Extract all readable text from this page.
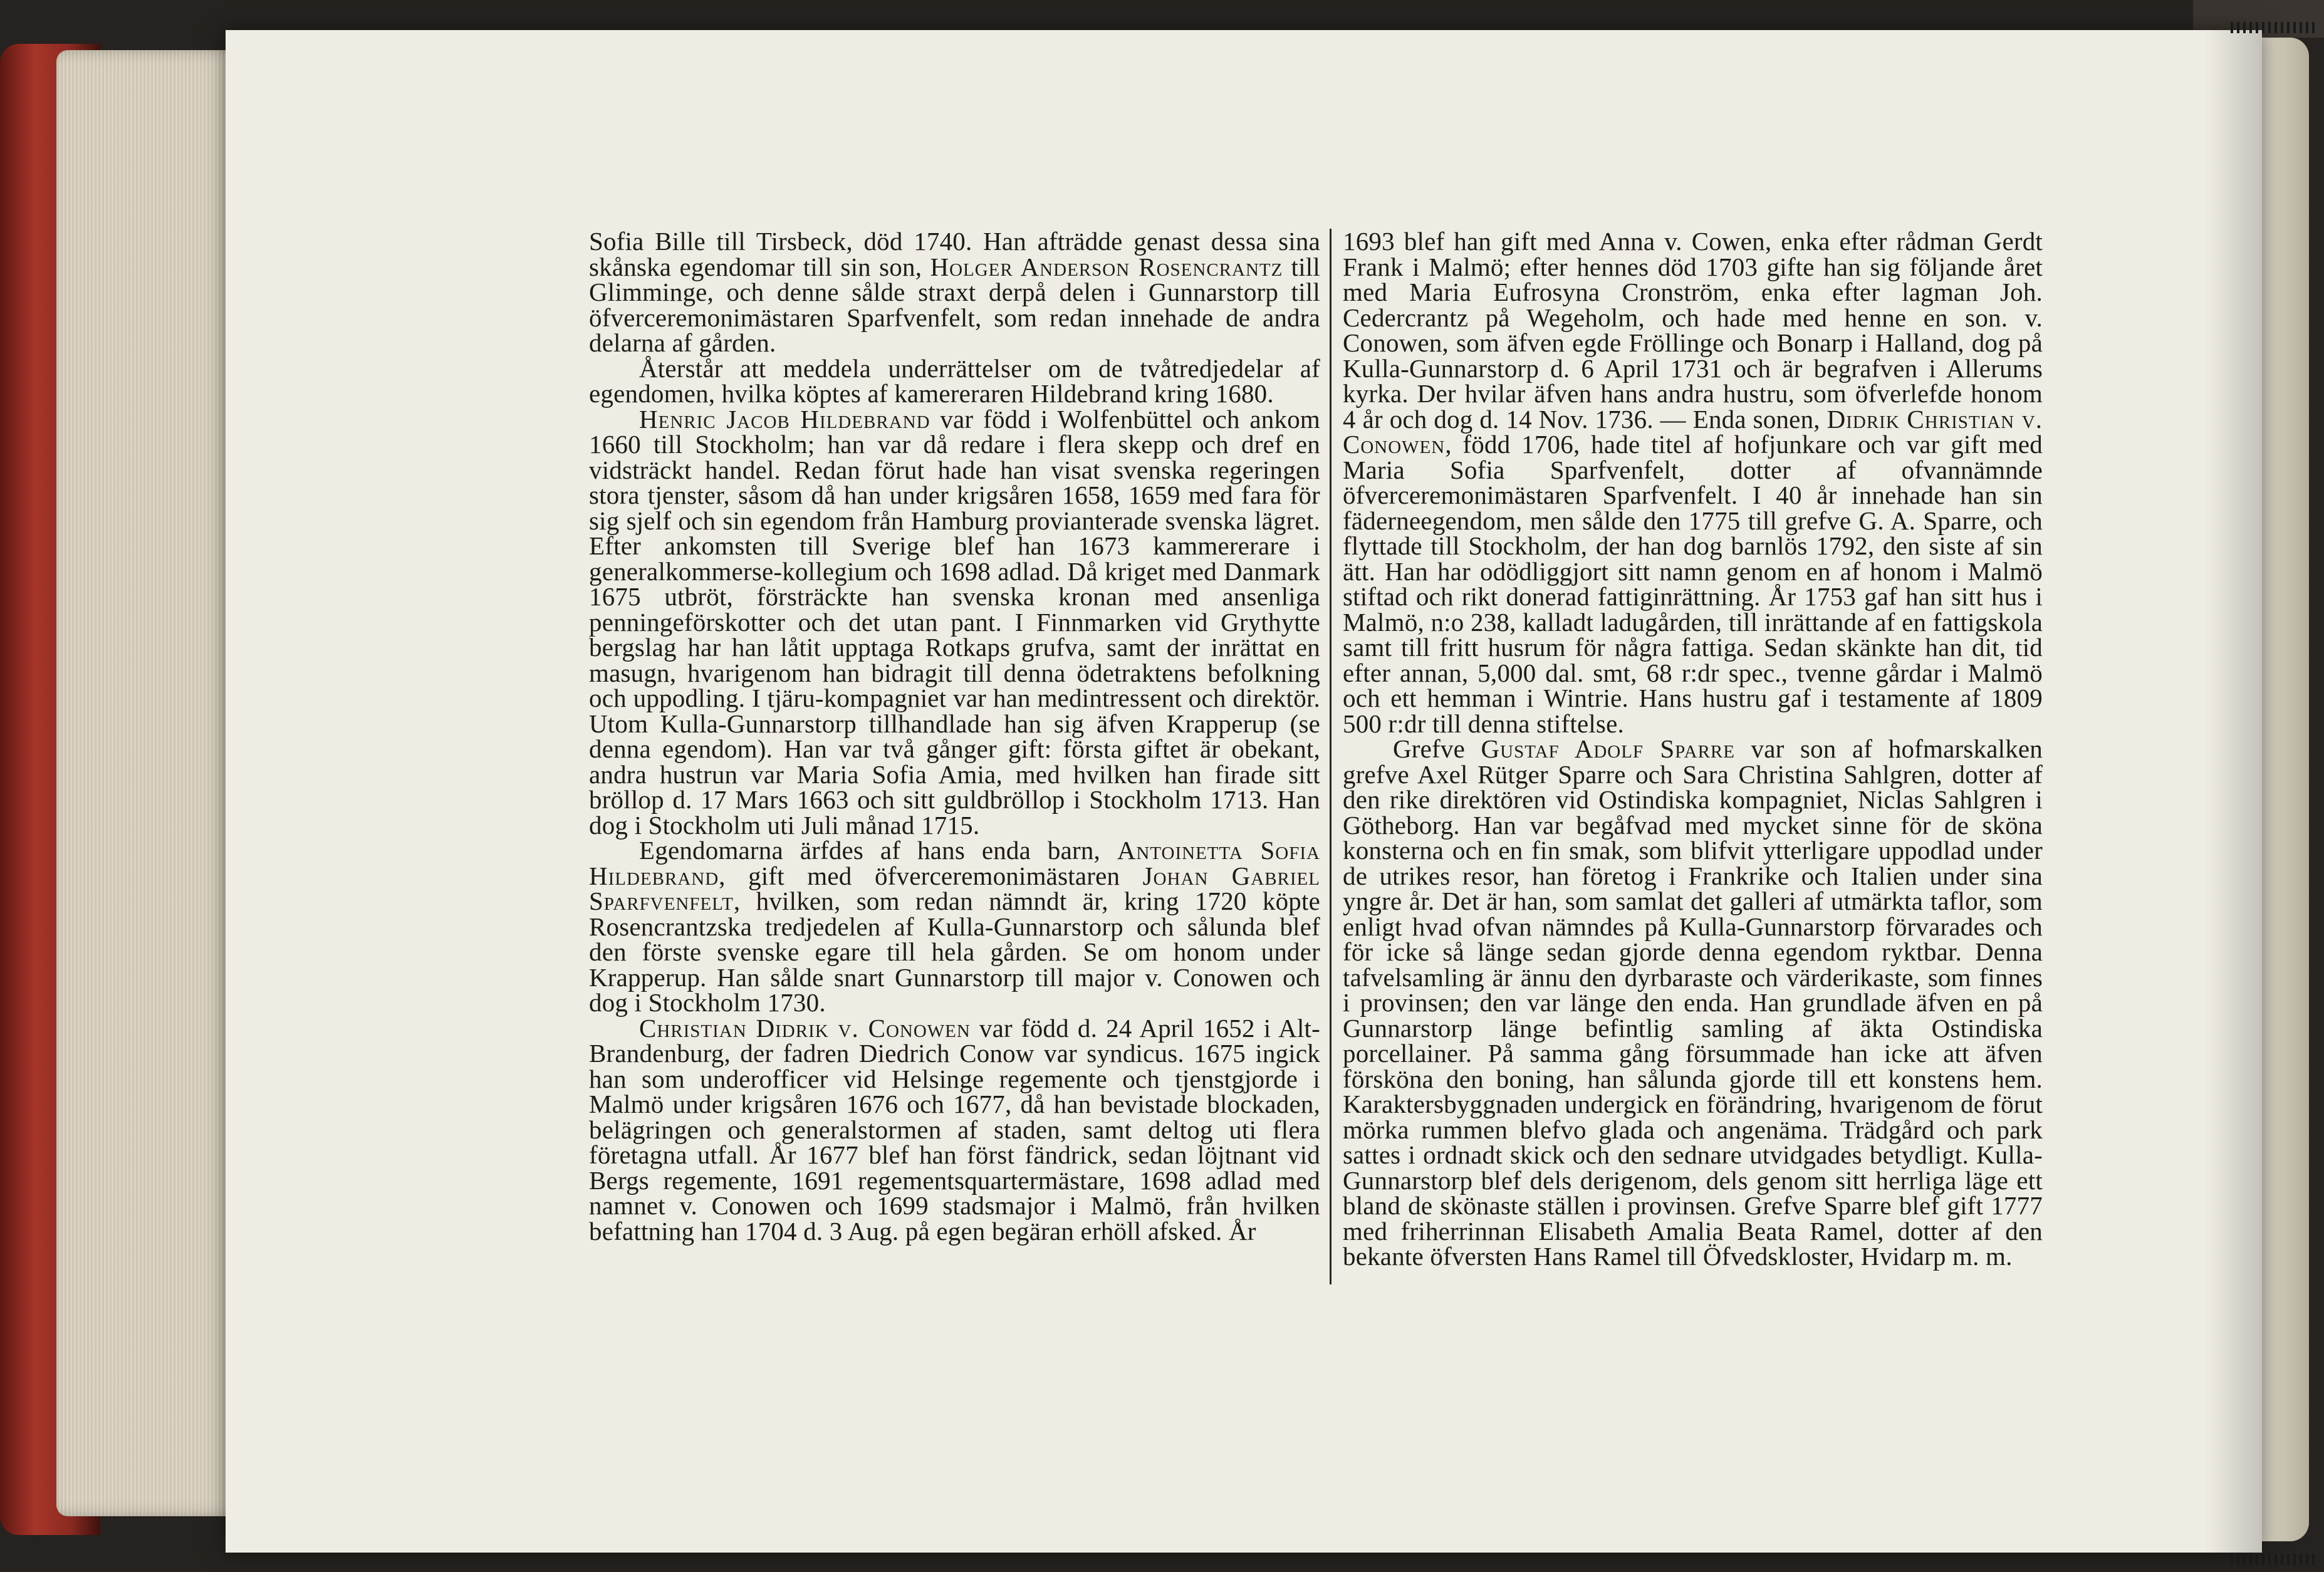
Sofia Bille till Tirsbeck, död 1740. Han afträdde genast dessa sina skånska egendomar till sin son, Holger Anderson Rosencrantz till Glimminge, och denne sålde straxt derpå delen i Gunnarstorp till öfverceremonimästaren Sparfvenfelt, som redan innehade de andra delarna af gården.

Återstår att meddela underrättelser om de tvåtredjedelar af egendomen, hvilka köptes af kamereraren Hildebrand kring 1680.

Henric Jacob Hildebrand var född i Wolfenbüttel och ankom 1660 till Stockholm; han var då redare i flera skepp och dref en vidsträckt handel. Redan förut hade han visat svenska regeringen stora tjenster, såsom då han under krigsåren 1658, 1659 med fara för sig sjelf och sin egendom från Hamburg provianterade svenska lägret. Efter ankomsten till Sverige blef han 1673 kammererare i generalkommerse-kollegium och 1698 adlad. Då kriget med Danmark 1675 utbröt, försträckte han svenska kronan med ansenliga penningeförskotter och det utan pant. I Finnmarken vid Grythytte bergslag har han låtit upptaga Rotkaps grufva, samt der inrättat en masugn, hvarigenom han bidragit till denna ödetraktens befolkning och uppodling. I tjäru-kompagniet var han medintressent och direktör. Utom Kulla-Gunnarstorp tillhandlade han sig äfven Krapperup (se denna egendom). Han var två gånger gift: första giftet är obekant, andra hustrun var Maria Sofia Amia, med hvilken han firade sitt bröllop d. 17 Mars 1663 och sitt guldbröllop i Stockholm 1713. Han dog i Stockholm uti Juli månad 1715.

Egendomarna ärfdes af hans enda barn, Antoinetta Sofia Hildebrand, gift med öfverceremonimästaren Johan Gabriel Sparfvenfelt, hvilken, som redan nämndt är, kring 1720 köpte Rosencrantzska tredjedelen af Kulla-Gunnarstorp och sålunda blef den förste svenske egare till hela gården. Se om honom under Krapperup. Han sålde snart Gunnarstorp till major v. Conowen och dog i Stockholm 1730.

Christian Didrik v. Conowen var född d. 24 April 1652 i Alt-Brandenburg, der fadren Diedrich Conow var syndicus. 1675 ingick han som underofficer vid Helsinge regemente och tjenstgjorde i Malmö under krigsåren 1676 och 1677, då han bevistade blockaden, belägringen och generalstormen af staden, samt deltog uti flera företagna utfall. År 1677 blef han först fändrick, sedan löjtnant vid Bergs regemente, 1691 regementsquartermästare, 1698 adlad med namnet v. Conowen och 1699 stadsmajor i Malmö, från hvilken befattning han 1704 d. 3 Aug. på egen begäran erhöll afsked. År

1693 blef han gift med Anna v. Cowen, enka efter rådman Gerdt Frank i Malmö; efter hennes död 1703 gifte han sig följande året med Maria Eufrosyna Cronström, enka efter lagman Joh. Cedercrantz på Wegeholm, och hade med henne en son. v. Conowen, som äfven egde Fröllinge och Bonarp i Halland, dog på Kulla-Gunnarstorp d. 6 April 1731 och är begrafven i Allerums kyrka. Der hvilar äfven hans andra hustru, som öfverlefde honom 4 år och dog d. 14 Nov. 1736. — Enda sonen, Didrik Christian v. Conowen, född 1706, hade titel af hofjunkare och var gift med Maria Sofia Sparfvenfelt, dotter af ofvannämnde öfverceremonimästaren Sparfvenfelt. I 40 år innehade han sin fäderneegendom, men sålde den 1775 till grefve G. A. Sparre, och flyttade till Stockholm, der han dog barnlös 1792, den siste af sin ätt. Han har odödliggjort sitt namn genom en af honom i Malmö stiftad och rikt donerad fattiginrättning. År 1753 gaf han sitt hus i Malmö, n:o 238, kalladt ladugården, till inrättande af en fattigskola samt till fritt husrum för några fattiga. Sedan skänkte han dit, tid efter annan, 5,000 dal. smt, 68 r:dr spec., tvenne gårdar i Malmö och ett hemman i Wintrie. Hans hustru gaf i testamente af 1809 500 r:dr till denna stiftelse.

Grefve Gustaf Adolf Sparre var son af hofmarskalken grefve Axel Rütger Sparre och Sara Christina Sahlgren, dotter af den rike direktören vid Ostindiska kompagniet, Niclas Sahlgren i Götheborg. Han var begåfvad med mycket sinne för de sköna konsterna och en fin smak, som blifvit ytterligare uppodlad under de utrikes resor, han företog i Frankrike och Italien under sina yngre år. Det är han, som samlat det galleri af utmärkta taflor, som enligt hvad ofvan nämndes på Kulla-Gunnarstorp förvarades och för icke så länge sedan gjorde denna egendom ryktbar. Denna tafvelsamling är ännu den dyrbaraste och värderikaste, som finnes i provinsen; den var länge den enda. Han grundlade äfven en på Gunnarstorp länge befintlig samling af äkta Ostindiska porcellainer. På samma gång försummade han icke att äfven försköna den boning, han sålunda gjorde till ett konstens hem. Karaktersbyggnaden undergick en förändring, hvarigenom de förut mörka rummen blefvo glada och angenäma. Trädgård och park sattes i ordnadt skick och den sednare utvidgades betydligt. Kulla-Gunnarstorp blef dels derigenom, dels genom sitt herrliga läge ett bland de skönaste ställen i provinsen. Grefve Sparre blef gift 1777 med friherrinnan Elisabeth Amalia Beata Ramel, dotter af den bekante öfversten Hans Ramel till Öfvedskloster, Hvidarp m. m.
